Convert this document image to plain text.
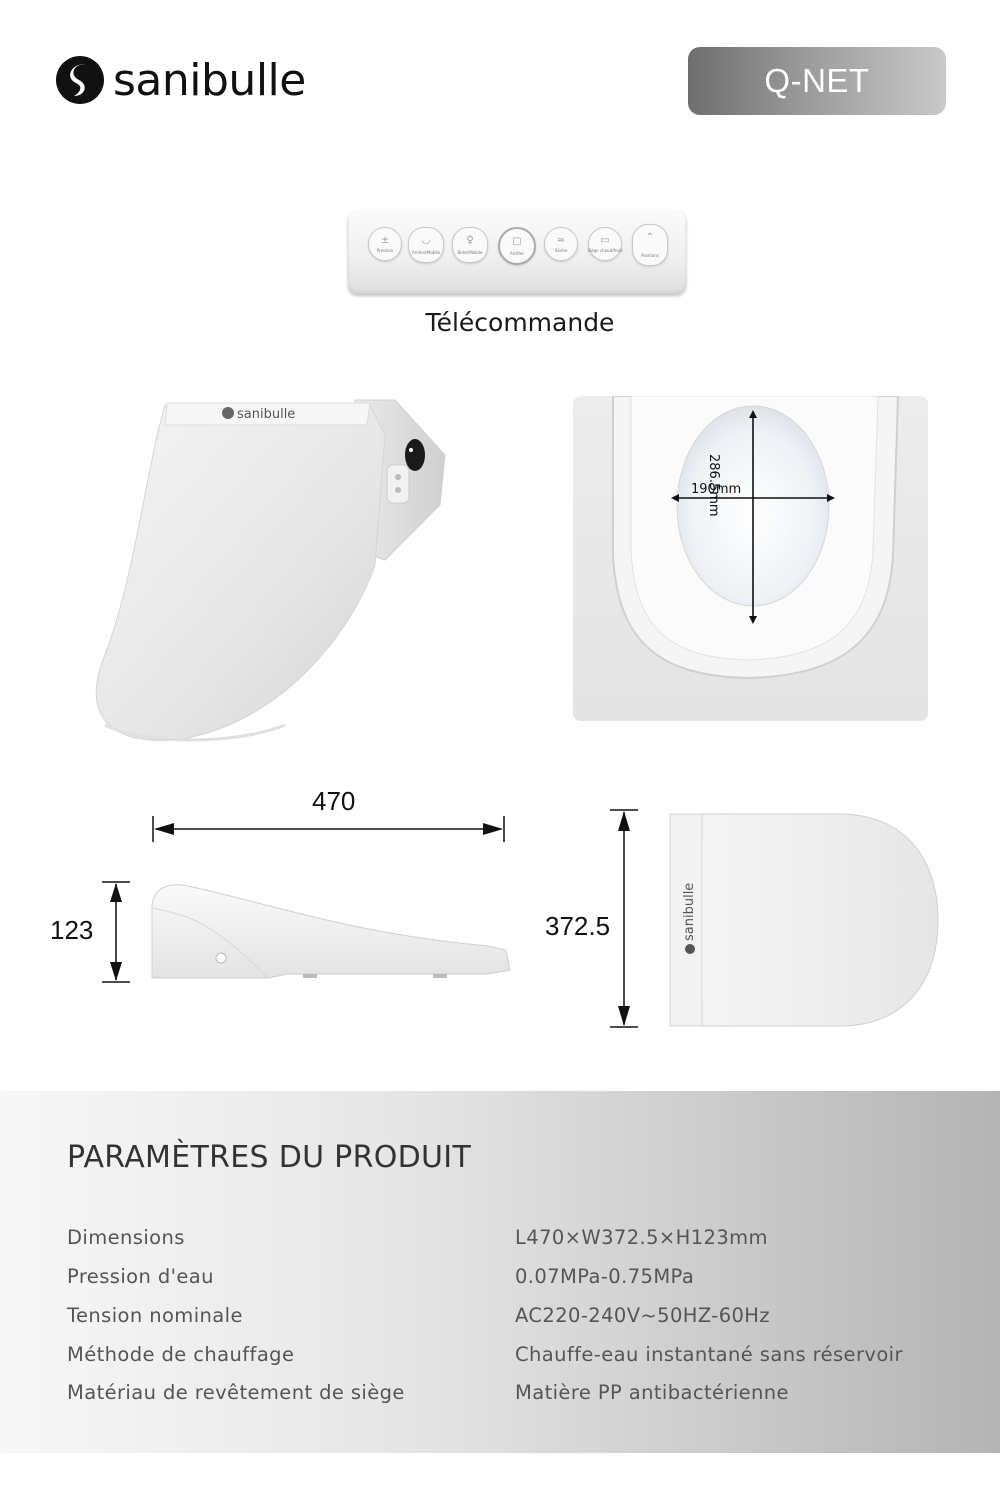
sanibulle	Q-NET
±
Pression
◡
Arrière/Mobile
♀
Bidet/Mobile
▢
Arrêter
≈
Sèche
▭
Siège chaud/froid
⌃
Positions
Télécommande
sanibulle
190mm
286.5mm
470
123	372.5	sanibulle
PARAMÈTRES DU PRODUIT
Dimensions	L470×W372.5×H123mm
Pression d'eau	0.07MPa-0.75MPa
Tension nominale	AC220-240V~50HZ-60Hz
Méthode de chauffage	Chauffe-eau instantané sans réservoir
Matériau de revêtement de siège	Matière PP antibactérienne
